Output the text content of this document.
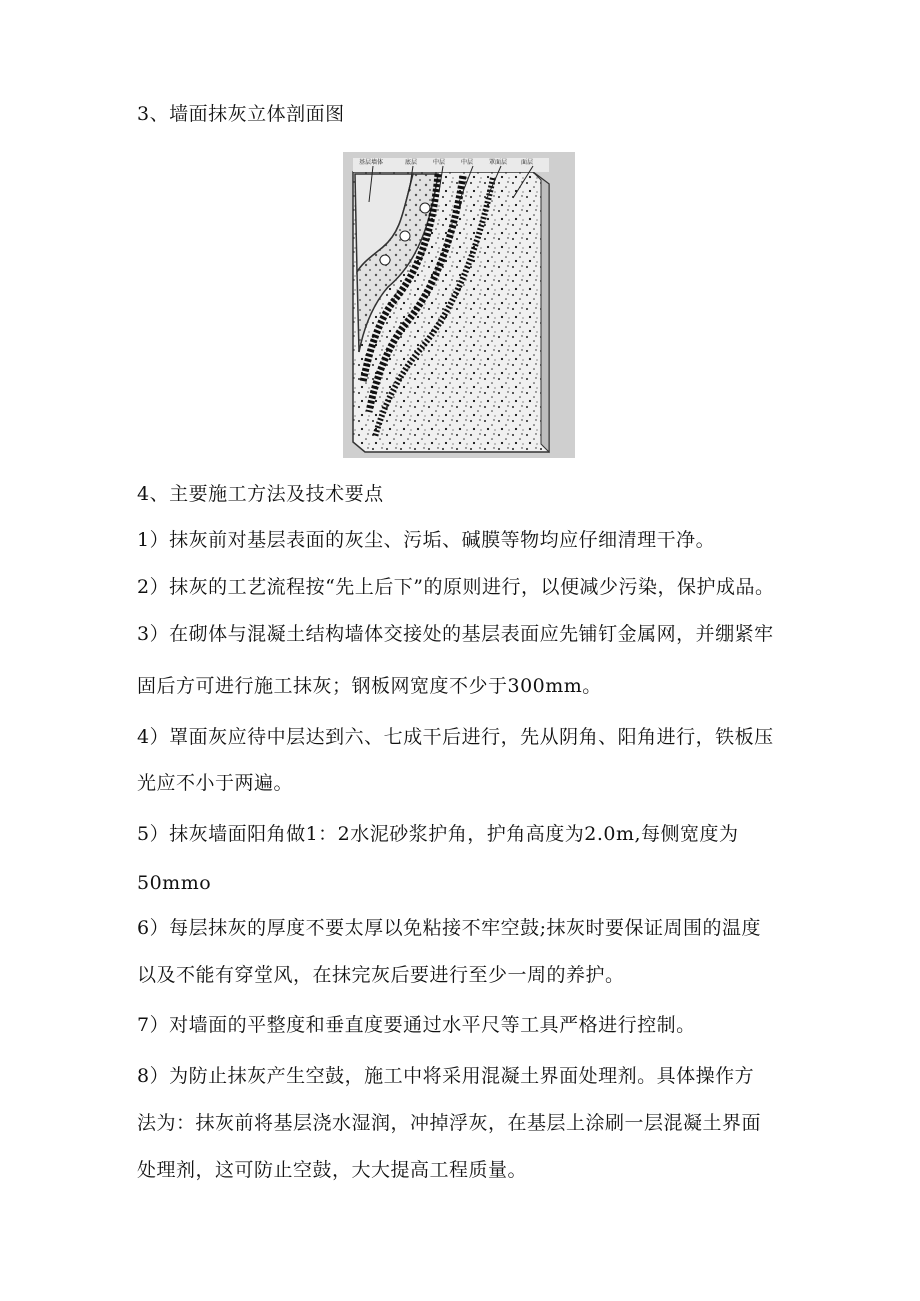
3、墙面抹灰立体剖面图
基层墙体	底层	中层	中层	罩面层 面层
4、主要施工方法及技术要点
1）抹灰前对基层表面的灰尘、污垢、碱膜等物均应仔细清理干净。
2）抹灰的工艺流程按“先上后下”的原则进行，以便减少污染，保护成品。
3）在砌体与混凝土结构墙体交接处的基层表面应先铺钉金属网，并绷紧牢
固后方可进行施工抹灰；钢板网宽度不少于300mm。
4）罩面灰应待中层达到六、七成干后进行，先从阴角、阳角进行，铁板压
光应不小于两遍。
5）抹灰墙面阳角做1：2水泥砂浆护角，护角高度为2.0m,每侧宽度为
50mmo
6）每层抹灰的厚度不要太厚以免粘接不牢空鼓;抹灰时要保证周围的温度
以及不能有穿堂风，在抹完灰后要进行至少一周的养护。
7）对墙面的平整度和垂直度要通过水平尺等工具严格进行控制。
8）为防止抹灰产生空鼓，施工中将采用混凝土界面处理剂。具体操作方
法为：抹灰前将基层浇水湿润，冲掉浮灰，在基层上涂刷一层混凝土界面
处理剂，这可防止空鼓，大大提高工程质量。
